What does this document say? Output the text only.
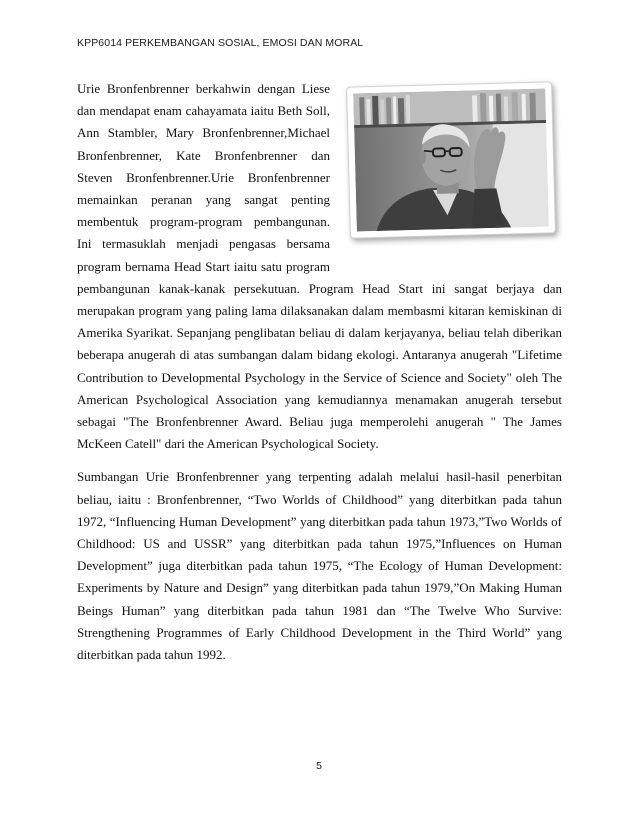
KPP6014 PERKEMBANGAN SOSIAL, EMOSI DAN MORAL

Urie Bronfenbrenner berkahwin dengan Liese dan mendapat enam cahayamata iaitu Beth Soll, Ann Stambler, Mary Bronfenbrenner,Michael Bronfenbrenner, Kate Bronfenbrenner dan Steven Bronfenbrenner.Urie Bronfenbrenner memainkan peranan yang sangat penting membentuk program-program pembangunan. Ini termasuklah menjadi pengasas bersama program bernama Head Start iaitu satu program pembangunan kanak-kanak persekutuan. Program Head Start ini sangat berjaya dan merupakan program yang paling lama dilaksanakan dalam membasmi kitaran kemiskinan di Amerika Syarikat. Sepanjang penglibatan beliau di dalam kerjayanya, beliau telah diberikan beberapa anugerah di atas sumbangan dalam bidang ekologi. Antaranya anugerah "Lifetime Contribution to Developmental Psychology in the Service of Science and Society" oleh The American Psychological Association yang kemudiannya menamakan anugerah tersebut sebagai "The Bronfenbrenner Award. Beliau juga memperolehi anugerah " The James McKeen Catell" dari the American Psychological Society.

Sumbangan Urie Bronfenbrenner yang terpenting adalah melalui hasil-hasil penerbitan beliau, iaitu : Bronfenbrenner, “Two Worlds of Childhood” yang diterbitkan pada tahun 1972, “Influencing Human Development” yang diterbitkan pada tahun 1973,”Two Worlds of Childhood: US and USSR” yang diterbitkan pada tahun 1975,”Influences on Human Development” juga diterbitkan pada tahun 1975, “The Ecology of Human Development: Experiments by Nature and Design” yang diterbitkan pada tahun 1979,”On Making Human Beings Human” yang diterbitkan pada tahun 1981 dan “The Twelve Who Survive: Strengthening Programmes of Early Childhood Development in the Third World” yang diterbitkan pada tahun 1992.

5
